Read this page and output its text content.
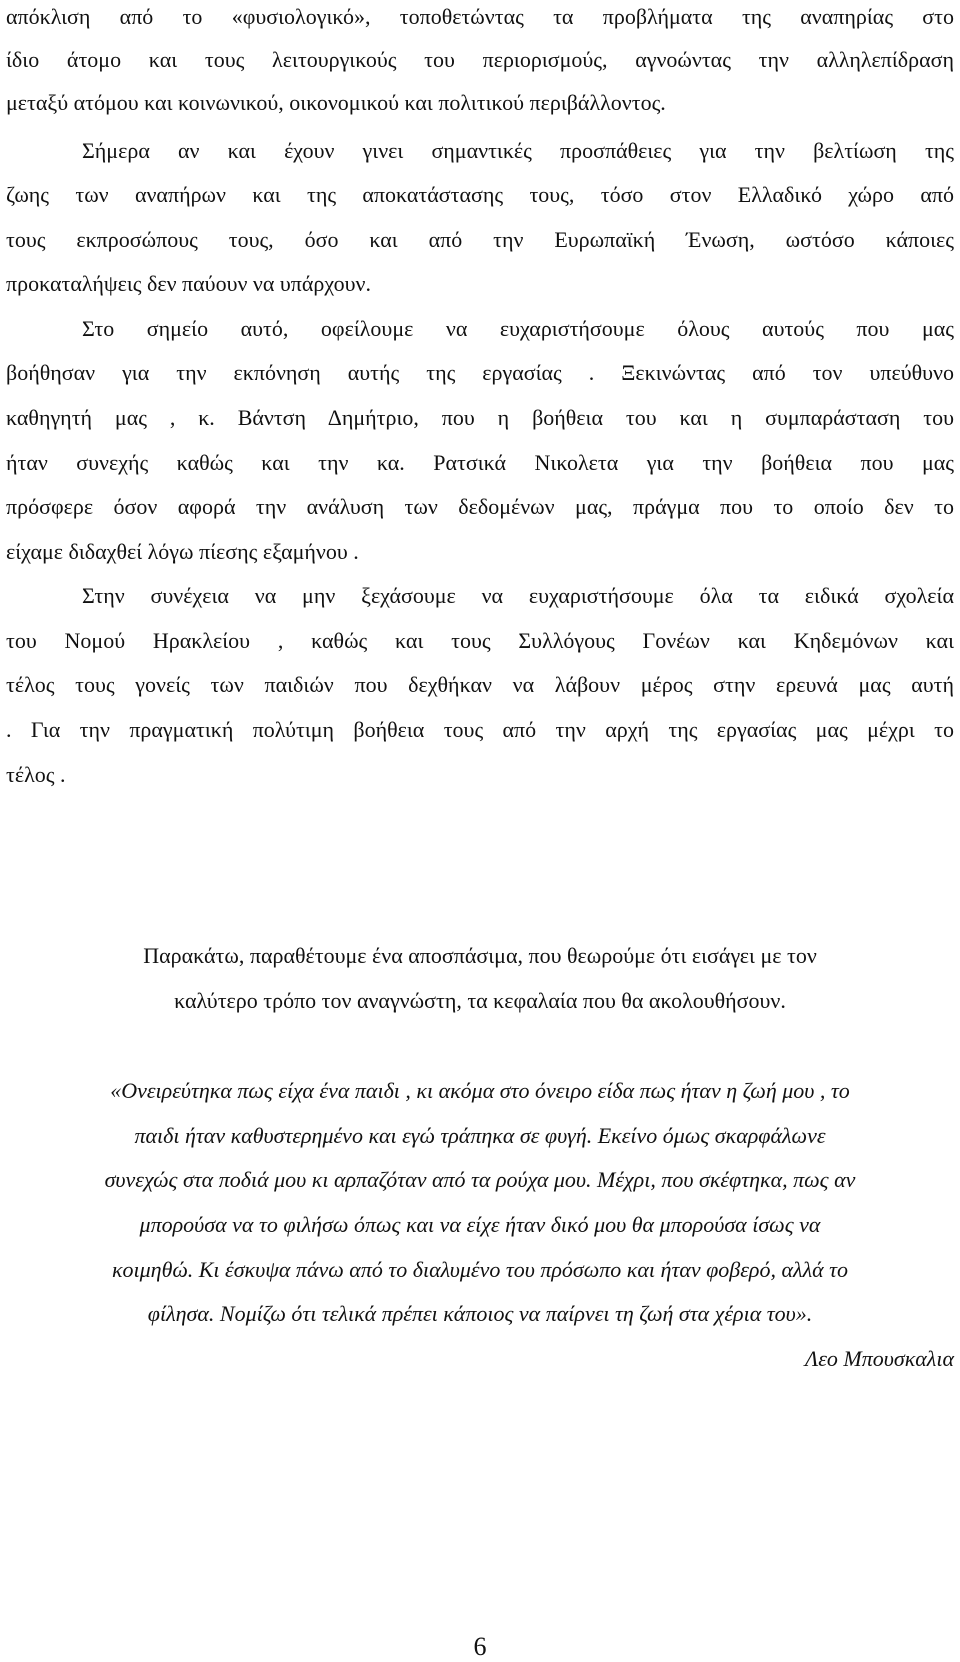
απόκλιση από το «φυσιολογικό», τοποθετώντας τα προβλήματα της αναπηρίας στο
ίδιο άτομο και τους λειτουργικούς του περιορισμούς, αγνοώντας την αλληλεπίδραση
μεταξύ ατόμου και κοινωνικού, οικονομικού και πολιτικού περιβάλλοντος.
Σήμερα αν και έχουν γινει σημαντικές προσπάθειες για την βελτίωση της
ζωης των αναπήρων και της αποκατάστασης τους, τόσο στον Ελλαδικό χώρο από
τους εκπροσώπους τους, όσο και από την Ευρωπαϊκή Ένωση, ωστόσο κάποιες
προκαταλήψεις δεν παύουν να υπάρχουν.
Στο σημείο αυτό, οφείλουμε να ευχαριστήσουμε όλους αυτούς που μας
βοήθησαν για την εκπόνηση αυτής της εργασίας . Ξεκινώντας από τον υπεύθυνο
καθηγητή μας , κ. Βάντση Δημήτριο, που η βοήθεια του και η συμπαράσταση του
ήταν συνεχής καθώς και την κα. Ρατσικά Νικολετα για την βοήθεια που μας
πρόσφερε όσον αφορά την ανάλυση των δεδομένων μας, πράγμα που το οποίο δεν το
είχαμε διδαχθεί λόγω πίεσης εξαμήνου .
Στην συνέχεια να μην ξεχάσουμε να ευχαριστήσουμε όλα τα ειδικά σχολεία
του Νομού Ηρακλείου , καθώς και τους Συλλόγους Γονέων και Κηδεμόνων και
τέλος τους γονείς των παιδιών που δεχθήκαν να λάβουν μέρος στην ερευνά μας αυτή
. Για την πραγματική πολύτιμη βοήθεια τους από την αρχή της εργασίας μας μέχρι το
τέλος .
Παρακάτω, παραθέτουμε ένα αποσπάσιμα, που θεωρούμε ότι εισάγει με τον
καλύτερο τρόπο τον αναγνώστη, τα κεφαλαία που θα ακολουθήσουν.
«Ονειρεύτηκα πως είχα ένα παιδι , κι ακόμα στο όνειρο είδα πως ήταν η ζωή μου , το
παιδι ήταν καθυστερημένο και εγώ τράπηκα σε φυγή. Εκείνο όμως σκαρφάλωνε
συνεχώς στα ποδιά μου κι αρπαζόταν από τα ρούχα μου. Μέχρι, που σκέφτηκα, πως αν
μπορούσα να το φιλήσω όπως και να είχε ήταν δικό μου θα μπορούσα ίσως να
κοιμηθώ. Κι έσκυψα πάνω από το διαλυμένο του πρόσωπο και ήταν φοβερό, αλλά το
φίλησα. Νομίζω ότι τελικά πρέπει κάποιος να παίρνει τη ζωή στα χέρια του».
Λεο Μπουσκαλια
6
